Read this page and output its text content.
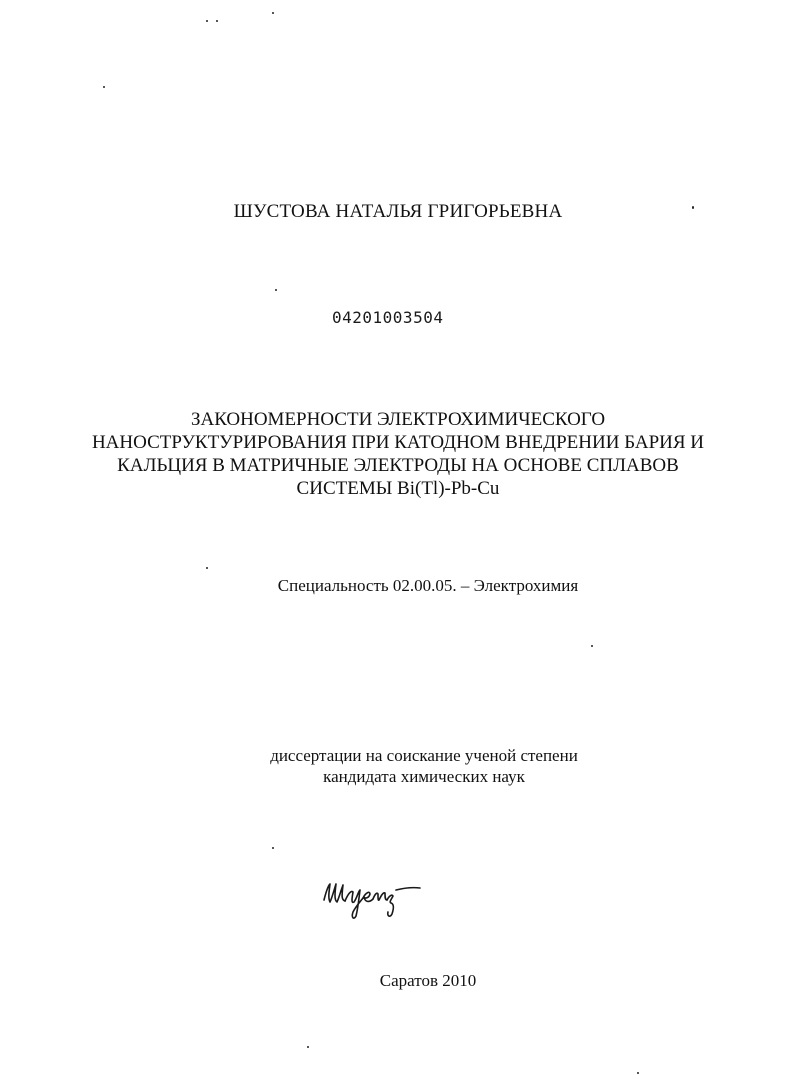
ШУСТОВА НАТАЛЬЯ ГРИГОРЬЕВНА
04201003504
ЗАКОНОМЕРНОСТИ ЭЛЕКТРОХИМИЧЕСКОГО
НАНОСТРУКТУРИРОВАНИЯ ПРИ КАТОДНОМ ВНЕДРЕНИИ БАРИЯ И
КАЛЬЦИЯ В МАТРИЧНЫЕ ЭЛЕКТРОДЫ НА ОСНОВЕ СПЛАВОВ
СИСТЕМЫ Bi(Tl)-Pb-Cu
Специальность 02.00.05. – Электрохимия
диссертации на соискание ученой степени
кандидата химических наук
Саратов 2010
